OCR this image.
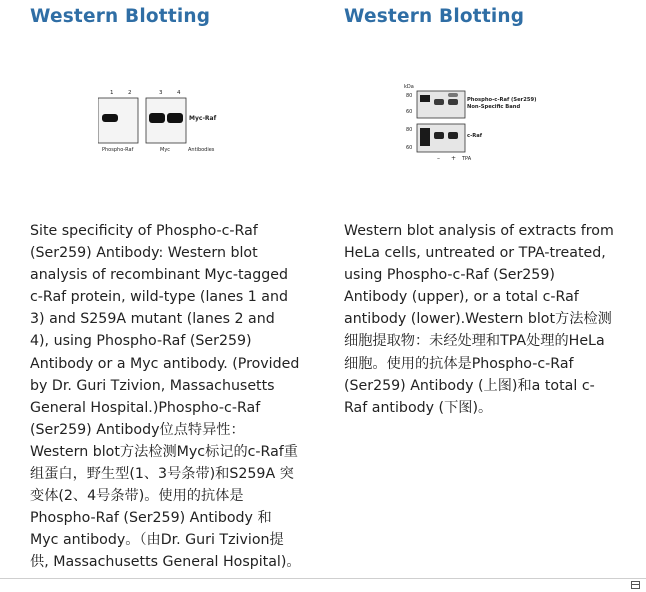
Western Blotting
1	2	3	4
Myc-Raf
Phospho-Raf	Myc	Antibodies

Site specificity of Phospho-c-Raf
(Ser259) Antibody: Western blot
analysis of recombinant Myc-tagged
c-Raf protein, wild-type (lanes 1 and
3) and S259A mutant (lanes 2 and
4), using Phospho-Raf (Ser259)
Antibody or a Myc antibody. (Provided
by Dr. Guri Tzivion, Massachusetts
General Hospital.)Phospho-c-Raf
(Ser259) Antibody位点特异性：
Western blot方法检测Myc标记的c-Raf重
组蛋白，野生型(1、3号条带)和S259A 突
变体(2、4号条带)。使用的抗体是
Phospho-Raf (Ser259) Antibody 和
Myc antibody。（由Dr. Guri Tzivion提
供, Massachusetts General Hospital)。

Western Blotting
kDa
80
60
Phospho-c-Raf (Ser259)
Non-Specific Band
80
60
c-Raf
– + TPA

Western blot analysis of extracts from
HeLa cells, untreated or TPA-treated,
using Phospho-c-Raf (Ser259)
Antibody (upper), or a total c-Raf
antibody (lower).Western blot方法检测
细胞提取物：未经处理和TPA处理的HeLa
细胞。使用的抗体是Phospho-c-Raf
(Ser259) Antibody (上图)和a total c-
Raf antibody (下图)。
